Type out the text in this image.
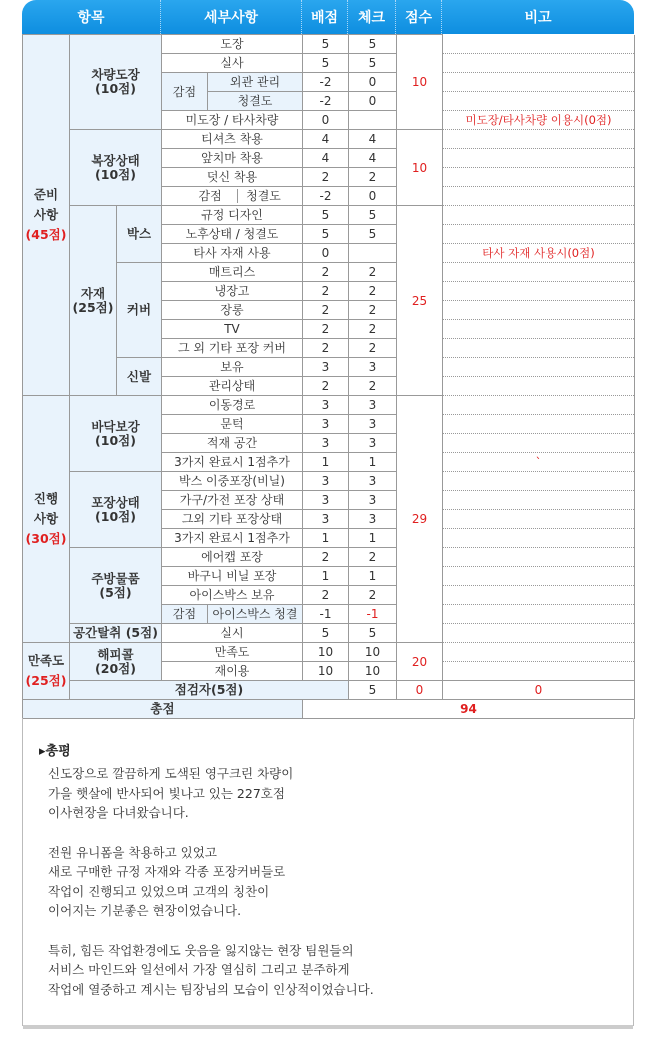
항목	세부사항	배점	체크	점수	비고
준비
사항
(45점)	차량도장
(10점)		도장		5	5	10		
			실사		5	5			
			감점	외관 관리	-2	0			
				청결도	-2	0			
			미도장 / 타사차량		0			미도장/타사차량 이용시(0점)	
	복장상태
(10점)		티셔츠 착용		4	4	10		
			앞치마 착용		4	4			
			덧신 착용		2	2			
			감점 청결도		-2	0			
	자재
(25점)	박스	규정 디자인		5	5	25		
			노후상태 / 청결도		5	5			
			타사 자재 사용		0			타사 자재 사용시(0점)	
		커버	매트리스		2	2			
			냉장고		2	2			
			장롱		2	2			
			TV		2	2			
			그 외 기타 포장 커버		2	2			
		신발	보유		3	3			
			관리상태		2	2			
진행
사항
(30점)	바닥보강
(10점)		이동경로		3	3	29		
			문턱		3	3			
			적재 공간		3	3			
			3가지 완료시 1점추가		1	1		`	
	포장상태
(10점)		박스 이중포장(비닐)		3	3			
			가구/가전 포장 상태		3	3			
			그외 기타 포장상태		3	3			
			3가지 완료시 1점추가		1	1			
	주방물품
(5점)		에어캡 포장		2	2			
			바구니 비닐 포장		1	1			
			아이스박스 보유		2	2			
			감점	아이스박스 청결	-1	-1			
	공간탈취 (5점)		실시		5	5			
만족도
(25점)	해피콜
(20점)		만족도		10	10	20		
			재이용		10	10			
	점검자(5점)					5	0	0	
총점					94				
▸총평

신도장으로 깔끔하게 도색된 영구크린 차량이
가을 햇살에 반사되어 빛나고 있는 227호점
이사현장을 다녀왔습니다.

전원 유니폼을 착용하고 있었고
새로 구매한 규정 자재와 각종 포장커버들로
작업이 진행되고 있었으며 고객의 칭찬이
이어지는 기분좋은 현장이었습니다.

특히, 힘든 작업환경에도 웃음을 잃지않는 현장 팀원들의
서비스 마인드와 일선에서 가장 열심히 그리고 분주하게
작업에 열중하고 계시는 팀장님의 모습이 인상적이었습니다.
